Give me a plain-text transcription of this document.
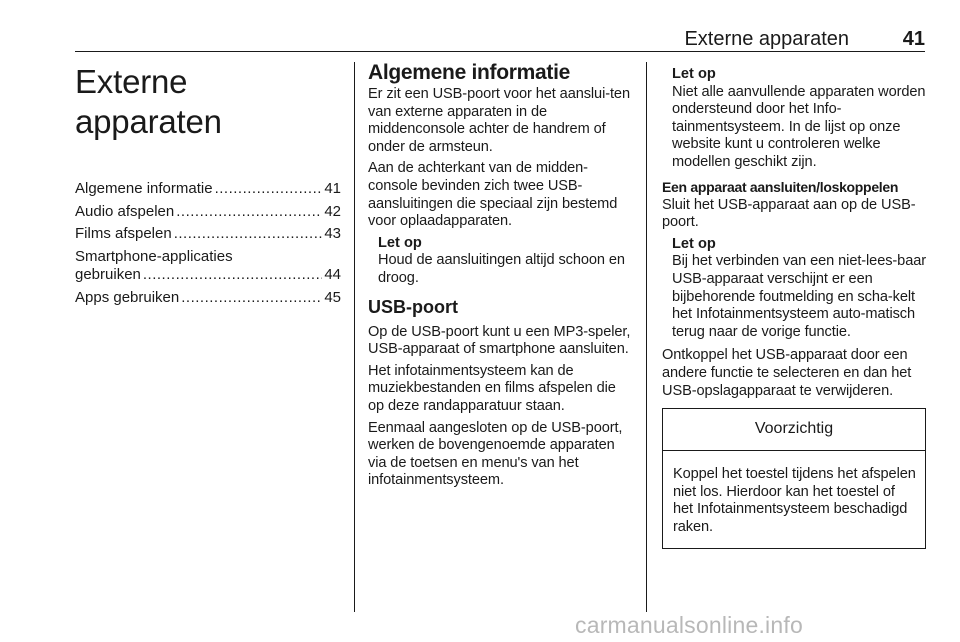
Externe apparaten	41
Externe apparaten
Algemene informatie .....	41
Audio afspelen .....	42
Films afspelen .....	43
Smartphone-applicaties
gebruiken .....	44
Apps gebruiken .....	45
Algemene informatie

Er zit een USB-poort voor het aanslui-ten van externe apparaten in de middenconsole achter de handrem of onder de armsteun.

Aan de achterkant van de midden-console bevinden zich twee USB-aansluitingen die speciaal zijn bestemd voor oplaadapparaten.

Let op
Houd de aansluitingen altijd schoon en droog.
USB-poort

Op de USB-poort kunt u een MP3-speler, USB-apparaat of smartphone aansluiten.

Het infotainmentsysteem kan de muziekbestanden en films afspelen die op deze randapparatuur staan.

Eenmaal aangesloten op de USB-poort, werken de bovengenoemde apparaten via de toetsen en menu's van het infotainmentsysteem.

Let op
Niet alle aanvullende apparaten worden ondersteund door het Info-tainmentsysteem. In de lijst op onze website kunt u controleren welke modellen geschikt zijn.
Een apparaat aansluiten/loskoppelen

Sluit het USB-apparaat aan op de USB-poort.

Let op
Bij het verbinden van een niet-lees-baar USB-apparaat verschijnt er een bijbehorende foutmelding en scha-kelt het Infotainmentsysteem auto-matisch terug naar de vorige functie.

Ontkoppel het USB-apparaat door een andere functie te selecteren en dan het USB-opslagapparaat te verwijderen.

Voorzichtig
Koppel het toestel tijdens het afspelen niet los. Hierdoor kan het toestel of het Infotainmentsysteem beschadigd raken.
carmanualsonline.info
